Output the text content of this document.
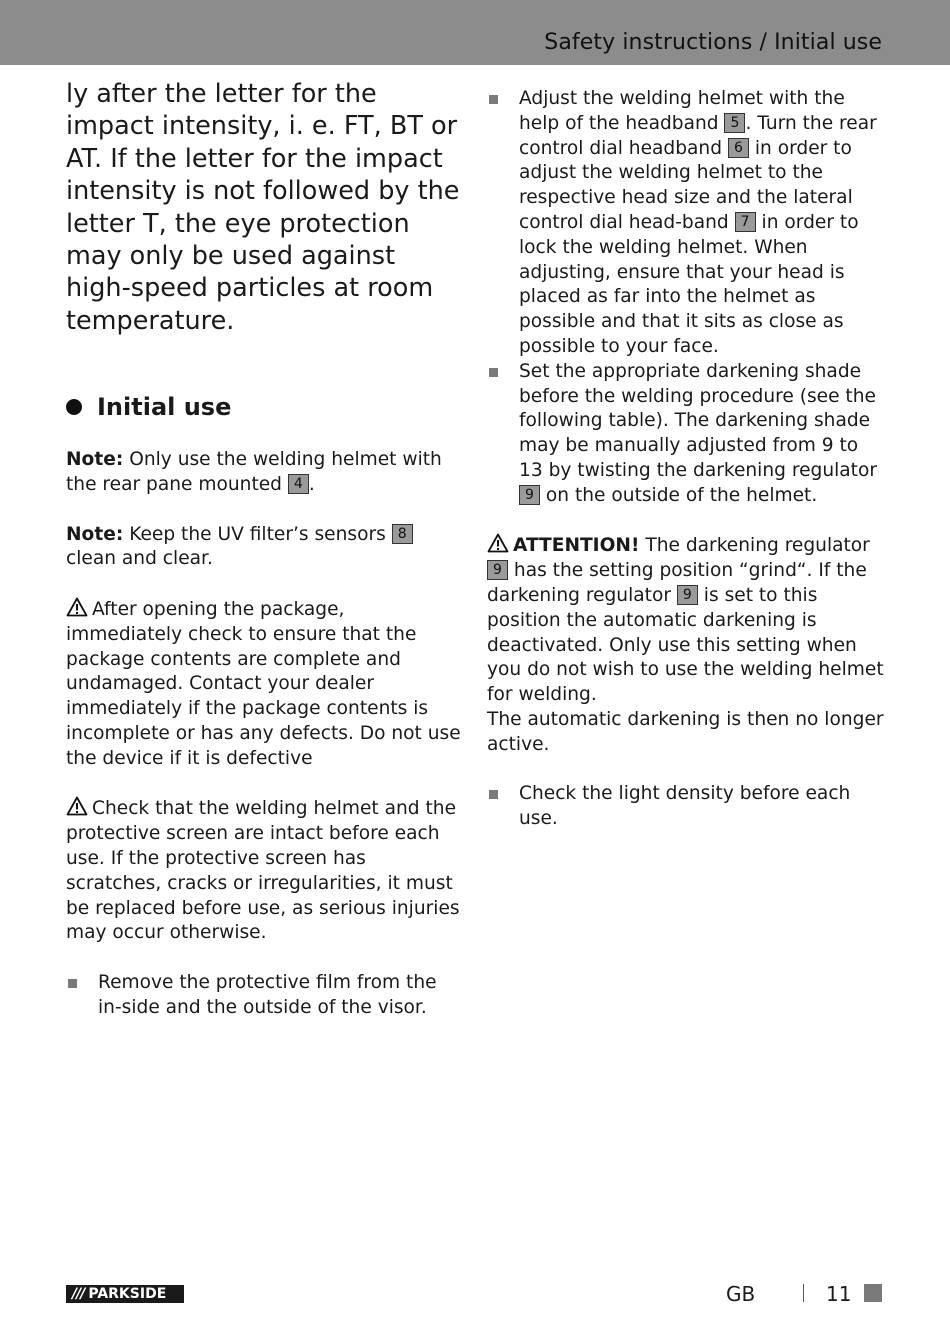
Safety instructions / Initial use

ly after the letter for the impact intensity, i. e. FT, BT or AT. If the letter for the impact intensity is not followed by the letter T, the eye protection may only be used against high-speed particles at room temperature.

Initial use

Note: Only use the welding helmet with the rear pane mounted 4 .

Note: Keep the UV filter’s sensors 8 clean and clear.

After opening the package, immediately check to ensure that the package contents are complete and undamaged. Contact your dealer immediately if the package contents is incomplete or has any defects. Do not use the device if it is defective

Check that the welding helmet and the protective screen are intact before each use. If the protective screen has scratches, cracks or irregularities, it must be replaced before use, as serious injuries may occur otherwise.

Remove the protective film from the in-side and the outside of the visor.
Adjust the welding helmet with the help of the headband 5 . Turn the rear control dial headband 6 in order to adjust the welding helmet to the respective head size and the lateral control dial head-band 7 in order to lock the welding helmet. When adjusting, ensure that your head is placed as far into the helmet as possible and that it sits as close as possible to your face.
Set the appropriate darkening shade before the welding procedure (see the following table). The darkening shade may be manually adjusted from 9 to 13 by twisting the darkening regulator 9 on the outside of the helmet.

ATTENTION! The darkening regulator 9 has the setting position “grind“. If the darkening regulator 9 is set to this position the automatic darkening is deactivated. Only use this setting when you do not wish to use the welding helmet for welding.
The automatic darkening is then no longer active.

Check the light density before each use.
/// PARKSIDE	GB	11
